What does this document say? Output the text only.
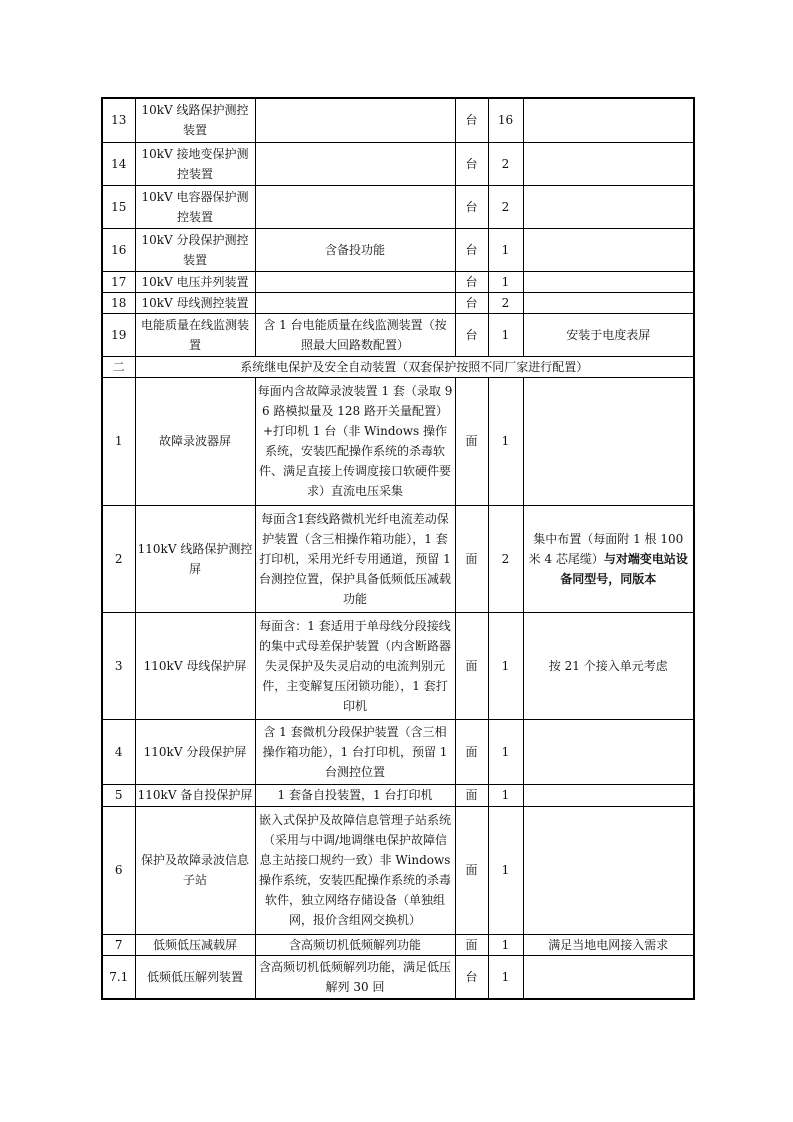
13	10kV 线路保护测控装置		台	16	
14	10kV 接地变保护测控装置		台	2	
15	10kV 电容器保护测控装置		台	2	
16	10kV 分段保护测控装置	含备投功能	台	1	
17	10kV 电压并列装置		台	1	
18	10kV 母线测控装置		台	2	
19	电能质量在线监测装置	含 1 台电能质量在线监测装置（按照最大回路数配置）	台	1	安装于电度表屏
二	系统继电保护及安全自动装置（双套保护按照不同厂家进行配置）				
1	故障录波器屏	每面内含故障录波装置 1 套（录取 96 路模拟量及 128 路开关量配置）+打印机 1 台（非 Windows 操作系统，安装匹配操作系统的杀毒软件、满足直接上传调度接口软硬件要求）直流电压采集	面	1	
2	110kV 线路保护测控屏	每面含1套线路微机光纤电流差动保护装置（含三相操作箱功能），1 套打印机，采用光纤专用通道，预留 1 台测控位置，保护具备低频低压减载功能	面	2	集中布置（每面附 1 根 100 米 4 芯尾缆）与对端变电站设备同型号，同版本
3	110kV 母线保护屏	每面含：1 套适用于单母线分段接线的集中式母差保护装置（内含断路器失灵保护及失灵启动的电流判别元件，主变解复压闭锁功能），1 套打印机	面	1	按 21 个接入单元考虑
4	110kV 分段保护屏	含 1 套微机分段保护装置（含三相操作箱功能），1 台打印机，预留 1 台测控位置	面	1	
5	110kV 备自投保护屏	1 套备自投装置，1 台打印机	面	1	
6	保护及故障录波信息子站	嵌入式保护及故障信息管理子站系统（采用与中调/地调继电保护故障信息主站接口规约一致）非 Windows 操作系统，安装匹配操作系统的杀毒软件，独立网络存储设备（单独组网，报价含组网交换机）	面	1	
7	低频低压减载屏	含高频切机低频解列功能	面	1	满足当地电网接入需求
7.1	低频低压解列装置	含高频切机低频解列功能，满足低压解列 30 回	台	1	
